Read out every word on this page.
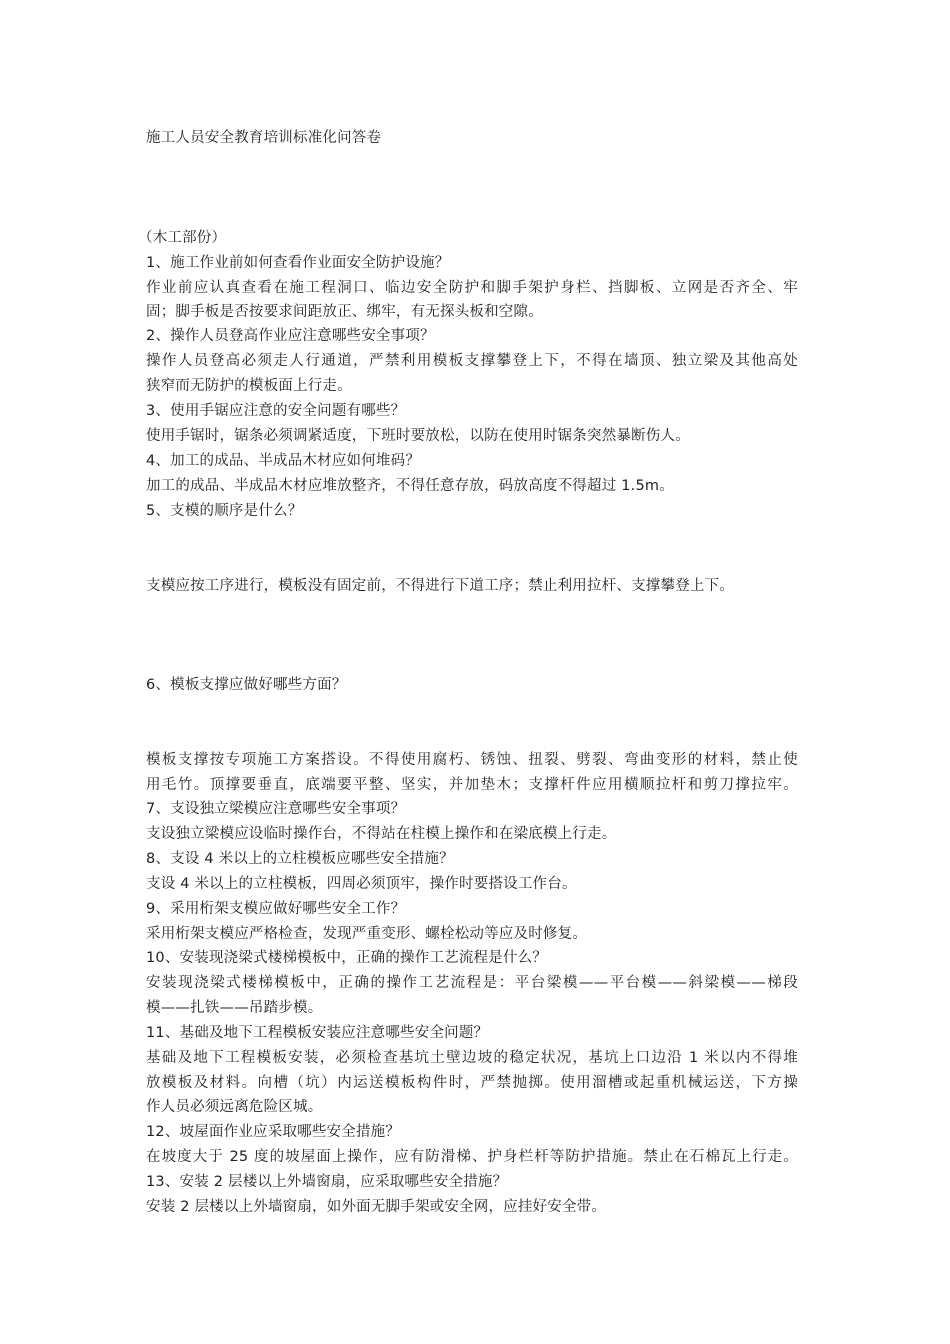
施工人员安全教育培训标准化问答卷
（木工部份）
1、施工作业前如何查看作业面安全防护设施？
作业前应认真查看在施工程洞口、临边安全防护和脚手架护身栏、挡脚板、立网是否齐全、牢
固；脚手板是否按要求间距放正、绑牢，有无探头板和空隙。
2、操作人员登高作业应注意哪些安全事项？
操作人员登高必须走人行通道，严禁利用模板支撑攀登上下，不得在墙顶、独立梁及其他高处
狭窄而无防护的模板面上行走。
3、使用手锯应注意的安全问题有哪些？
使用手锯时，锯条必须调紧适度，下班时要放松，以防在使用时锯条突然暴断伤人。
4、加工的成品、半成品木材应如何堆码？
加工的成品、半成品木材应堆放整齐，不得任意存放，码放高度不得超过 1.5m。
5、支模的顺序是什么？
支模应按工序进行，模板没有固定前，不得进行下道工序；禁止利用拉杆、支撑攀登上下。
6、模板支撑应做好哪些方面？
模板支撑按专项施工方案搭设。不得使用腐朽、锈蚀、扭裂、劈裂、弯曲变形的材料，禁止使
用毛竹。顶撑要垂直，底端要平整、坚实，并加垫木；支撑杆件应用横顺拉杆和剪刀撑拉牢。
7、支设独立梁模应注意哪些安全事项？
支设独立梁模应设临时操作台，不得站在柱模上操作和在梁底模上行走。
8、支设 4 米以上的立柱模板应哪些安全措施？
支设 4 米以上的立柱模板，四周必须顶牢，操作时要搭设工作台。
9、采用桁架支模应做好哪些安全工作？
采用桁架支模应严格检查，发现严重变形、螺栓松动等应及时修复。
10、安装现浇梁式楼梯模板中，正确的操作工艺流程是什么？
安装现浇梁式楼梯模板中，正确的操作工艺流程是：平台梁模——平台模——斜梁模——梯段
模——扎铁——吊踏步模。
11、基础及地下工程模板安装应注意哪些安全问题？
基础及地下工程模板安装，必须检查基坑土壁边坡的稳定状况，基坑上口边沿 1 米以内不得堆
放模板及材料。向槽（坑）内运送模板构件时，严禁抛掷。使用溜槽或起重机械运送，下方操
作人员必须远离危险区城。
12、坡屋面作业应采取哪些安全措施？
在坡度大于 25 度的坡屋面上操作，应有防滑梯、护身栏杆等防护措施。禁止在石棉瓦上行走。
13、安装 2 层楼以上外墙窗扇，应采取哪些安全措施？
安装 2 层楼以上外墙窗扇，如外面无脚手架或安全网，应挂好安全带。
